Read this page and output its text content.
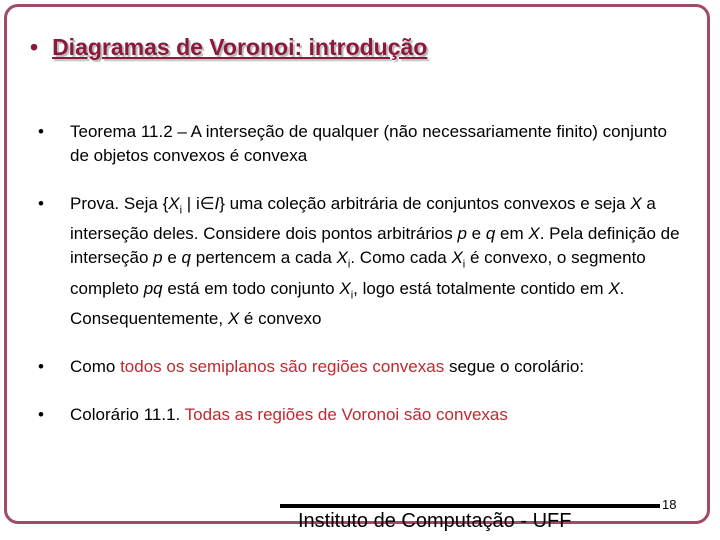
• Diagramas de Voronoi: introdução
•	Teorema 11.2 – A interseção de qualquer (não necessariamente finito) conjunto de objetos convexos é convexa
•	Prova. Seja {$X_i$ | i∈I} uma coleção arbitrária de conjuntos convexos e seja X a interseção deles. Considere dois pontos arbitrários p e q em X. Pela definição de interseção p e q pertencem a cada $X_i$. Como cada $X_i$ é convexo, o segmento completo pq está em todo conjunto $X_i$, logo está totalmente contido em X. Consequentemente, X é convexo
•	Como todos os semiplanos são regiões convexas segue o corolário:
•	Colorário 11.1. Todas as regiões de Voronoi são convexas
Instituto de Computação - UFF
18
